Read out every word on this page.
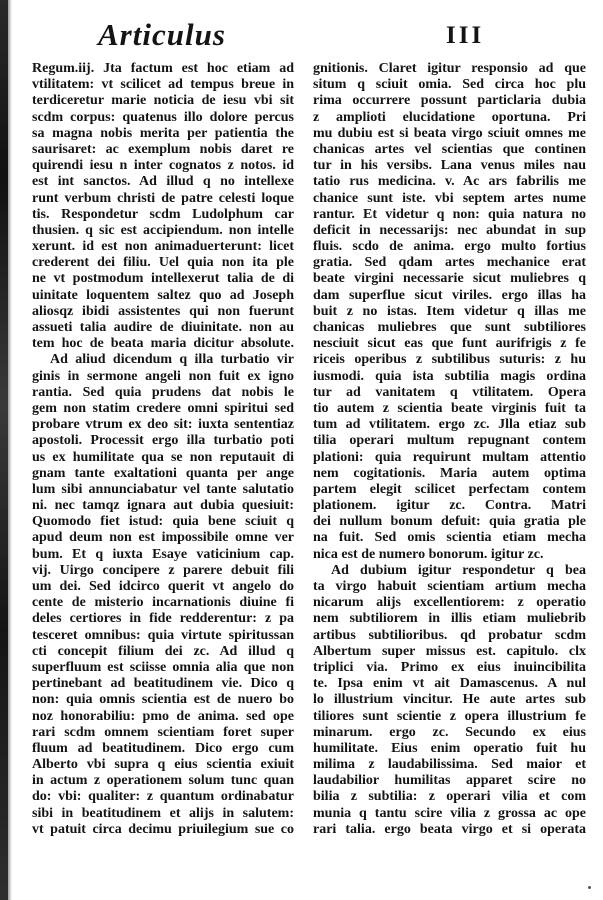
Articulus	III
Regum.iij. Jta factum est hoc etiam ad
vtilitatem: vt scilicet ad tempus breue in
terdiceretur marie noticia de iesu vbi sit
scdm corpus: quatenus illo dolore percus
sa magna nobis merita per patientia the
saurisaret: ac exemplum nobis daret re
quirendi iesu n inter cognatos z notos. id
est int sanctos. Ad illud q no intellexe
runt verbum christi de patre celesti loque
tis. Respondetur scdm Ludolphum car
thusien. q sic est accipiendum. non intelle
xerunt. id est non animaduerterunt: licet
crederent dei filiu. Uel quia non ita ple
ne vt postmodum intellexerut talia de di
uinitate loquentem saltez quo ad Joseph
aliosqz ibidi assistentes qui non fuerunt
assueti talia audire de diuinitate. non au
tem hoc de beata maria dicitur absolute.
Ad aliud dicendum q illa turbatio vir
ginis in sermone angeli non fuit ex igno
rantia. Sed quia prudens dat nobis le
gem non statim credere omni spiritui sed
probare vtrum ex deo sit: iuxta sententiaz
apostoli. Processit ergo illa turbatio poti
us ex humilitate qua se non reputauit di
gnam tante exaltationi quanta per ange
lum sibi annunciabatur vel tante salutatio
ni. nec tamqz ignara aut dubia quesiuit:
Quomodo fiet istud: quia bene sciuit q
apud deum non est impossibile omne ver
bum. Et q iuxta Esaye vaticinium cap.
vij. Uirgo concipere z parere debuit fili
um dei. Sed idcirco querit vt angelo do
cente de misterio incarnationis diuine fi
deles certiores in fide redderentur: z pa
tesceret omnibus: quia virtute spiritussan
cti concepit filium dei zc. Ad illud q
superfluum est sciisse omnia alia que non
pertinebant ad beatitudinem vie. Dico q
non: quia omnis scientia est de nuero bo
noz honorabiliu: pmo de anima. sed ope
rari scdm omnem scientiam foret super
fluum ad beatitudinem. Dico ergo cum
Alberto vbi supra q eius scientia exiuit
in actum z operationem solum tunc quan
do: vbi: qualiter: z quantum ordinabatur
sibi in beatitudinem et alijs in salutem:
vt patuit circa decimu priuilegium sue co
gnitionis. Claret igitur responsio ad que
situm q sciuit omia. Sed circa hoc plu
rima occurrere possunt particlaria dubia
z amplioti elucidatione oportuna. Pri
mu dubiu est si beata virgo sciuit omnes me
chanicas artes vel scientias que continen
tur in his versibs. Lana venus miles nau
tatio rus medicina. v. Ac ars fabrilis me
chanice sunt iste. vbi septem artes nume
rantur. Et videtur q non: quia natura no
deficit in necessarijs: nec abundat in sup
fluis. scdo de anima. ergo multo fortius
gratia. Sed qdam artes mechanice erat
beate virgini necessarie sicut muliebres q
dam superflue sicut viriles. ergo illas ha
buit z no istas. Item videtur q illas me
chanicas muliebres que sunt subtiliores
nesciuit sicut eas que funt aurifrigis z fe
riceis operibus z subtilibus suturis: z hu
iusmodi. quia ista subtilia magis ordina
tur ad vanitatem q vtilitatem. Opera
tio autem z scientia beate virginis fuit ta
tum ad vtilitatem. ergo zc. Jlla etiaz sub
tilia operari multum repugnant contem
plationi: quia requirunt multam attentio
nem cogitationis. Maria autem optima
partem elegit scilicet perfectam contem
plationem. igitur zc. Contra. Matri
dei nullum bonum defuit: quia gratia ple
na fuit. Sed omis scientia etiam mecha
nica est de numero bonorum. igitur zc.
Ad dubium igitur respondetur q bea
ta virgo habuit scientiam artium mecha
nicarum alijs excellentiorem: z operatio
nem subtiliorem in illis etiam muliebrib
artibus subtilioribus. qd probatur scdm
Albertum super missus est. capitulo. clx
triplici via. Primo ex eius inuincibilita
te. Ipsa enim vt ait Damascenus. A nul
lo illustrium vincitur. He aute artes sub
tiliores sunt scientie z opera illustrium fe
minarum. ergo zc. Secundo ex eius
humilitate. Eius enim operatio fuit hu
milima z laudabilissima. Sed maior et
laudabilior humilitas apparet scire no
bilia z subtilia: z operari vilia et com
munia q tantu scire vilia z grossa ac ope
rari talia. ergo beata virgo et si operata
